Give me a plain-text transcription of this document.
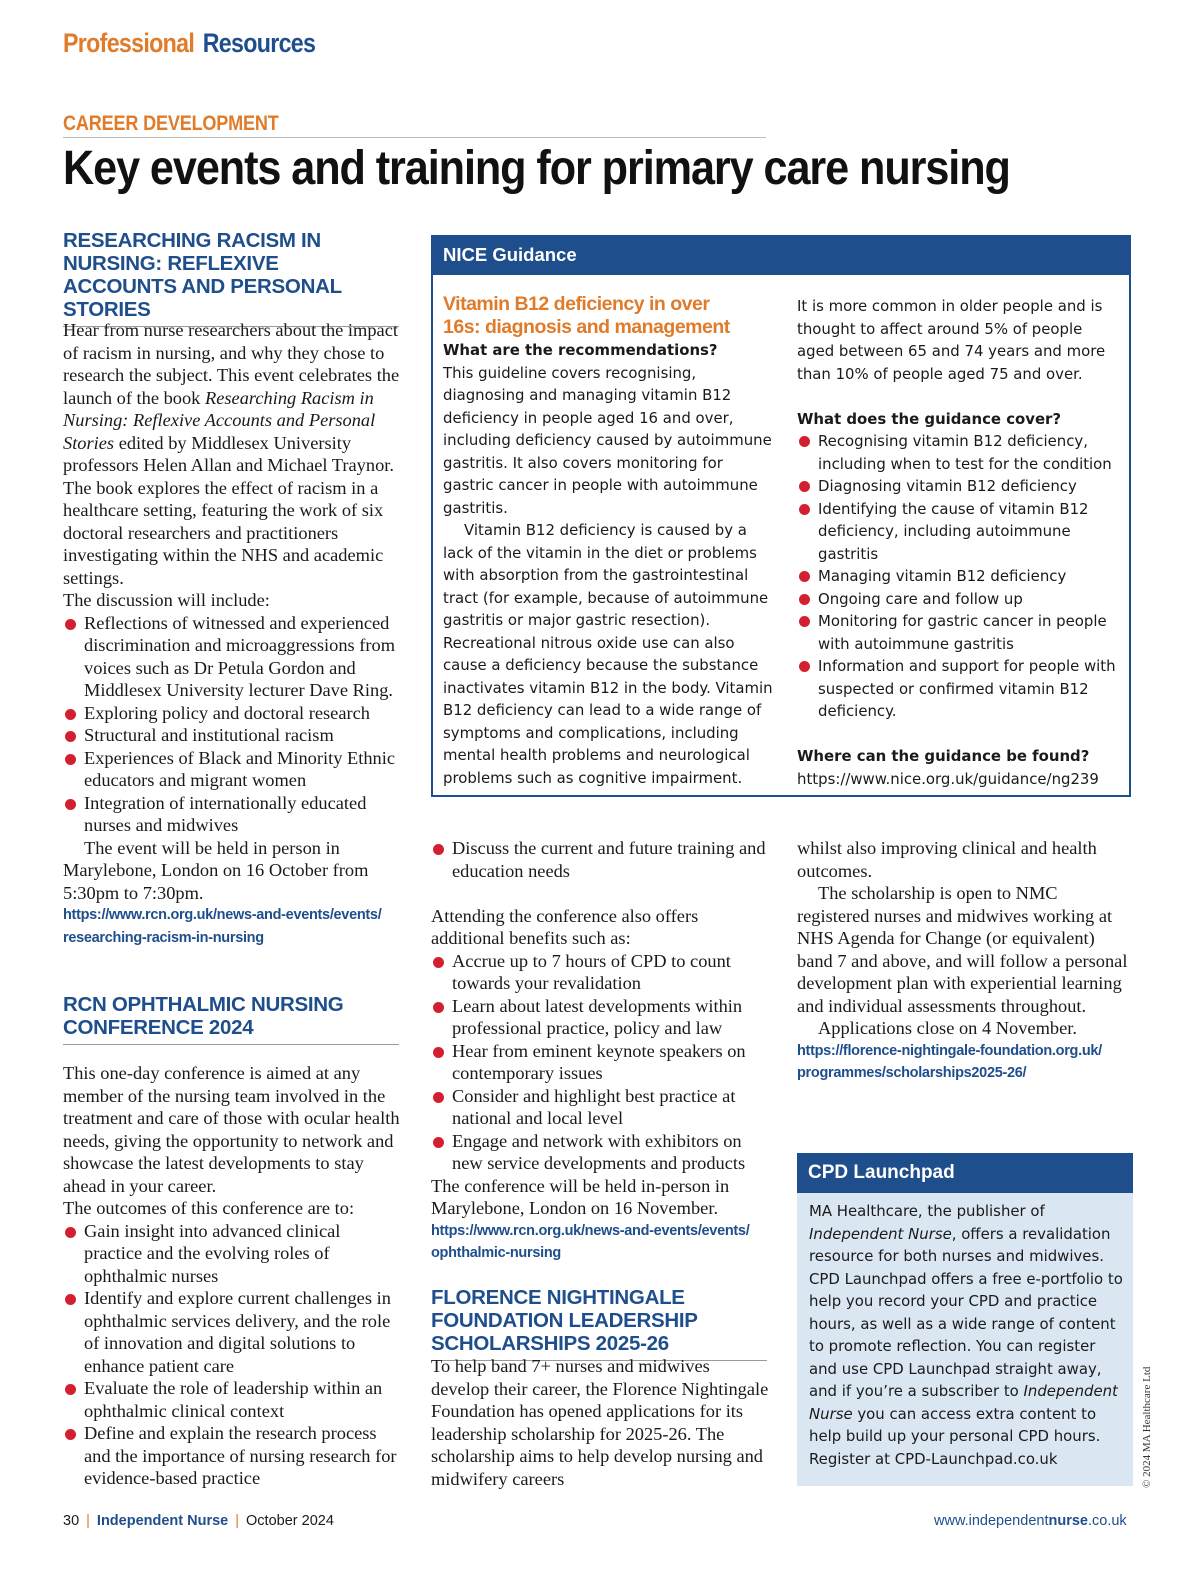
Professional Resources
CAREER DEVELOPMENT
Key events and training for primary care nursing
RESEARCHING RACISM IN NURSING: REFLEXIVE ACCOUNTS AND PERSONAL STORIES

Hear from nurse researchers about the impact of racism in nursing, and why they chose to research the subject. This event celebrates the launch of the book Researching Racism in Nursing: Reflexive Accounts and Personal Stories edited by Middlesex University professors Helen Allan and Michael Traynor. The book explores the effect of racism in a healthcare setting, featuring the work of six doctoral researchers and practitioners investigating within the NHS and academic settings.

The discussion will include:

Reflections of witnessed and experienced discrimination and microaggressions from voices such as Dr Petula Gordon and Middlesex University lecturer Dave Ring.
Exploring policy and doctoral research
Structural and institutional racism
Experiences of Black and Minority Ethnic educators and migrant women
Integration of internationally educated nurses and midwives

The event will be held in person in Marylebone, London on 16 October from 5:30pm to 7:30pm.

https://www.rcn.org.uk/news-and-events/events/
researching-racism-in-nursing
RCN OPHTHALMIC NURSING CONFERENCE 2024

This one-day conference is aimed at any member of the nursing team involved in the treatment and care of those with ocular health needs, giving the opportunity to network and showcase the latest developments to stay ahead in your career.

The outcomes of this conference are to:

Gain insight into advanced clinical practice and the evolving roles of ophthalmic nurses
Identify and explore current challenges in ophthalmic services delivery, and the role of innovation and digital solutions to enhance patient care
Evaluate the role of leadership within an ophthalmic clinical context
Define and explain the research process and the importance of nursing research for evidence-based practice
NICE Guidance
Vitamin B12 deficiency in over 16s: diagnosis and management

What are the recommendations?

This guideline covers recognising, diagnosing and managing vitamin B12 deficiency in people aged 16 and over, including deficiency caused by autoimmune gastritis. It also covers monitoring for gastric cancer in people with autoimmune gastritis.

Vitamin B12 deficiency is caused by a lack of the vitamin in the diet or problems with absorption from the gastrointestinal tract (for example, because of autoimmune gastritis or major gastric resection). Recreational nitrous oxide use can also cause a deficiency because the substance inactivates vitamin B12 in the body. Vitamin B12 deficiency can lead to a wide range of symptoms and complications, including mental health problems and neurological problems such as cognitive impairment.

It is more common in older people and is thought to affect around 5% of people aged between 65 and 74 years and more than 10% of people aged 75 and over.

What does the guidance cover?

Recognising vitamin B12 deficiency, including when to test for the condition
Diagnosing vitamin B12 deficiency
Identifying the cause of vitamin B12 deficiency, including autoimmune gastritis
Managing vitamin B12 deficiency
Ongoing care and follow up
Monitoring for gastric cancer in people with autoimmune gastritis
Information and support for people with suspected or confirmed vitamin B12 deficiency.

Where can the guidance be found?

https://www.nice.org.uk/guidance/ng239

Discuss the current and future training and education needs

Attending the conference also offers additional benefits such as:

Accrue up to 7 hours of CPD to count towards your revalidation
Learn about latest developments within professional practice, policy and law
Hear from eminent keynote speakers on contemporary issues
Consider and highlight best practice at national and local level
Engage and network with exhibitors on new service developments and products

The conference will be held in-person in Marylebone, London on 16 November.

https://www.rcn.org.uk/news-and-events/events/
ophthalmic-nursing
FLORENCE NIGHTINGALE FOUNDATION LEADERSHIP SCHOLARSHIPS 2025-26

To help band 7+ nurses and midwives develop their career, the Florence Nightingale Foundation has opened applications for its leadership scholarship for 2025-26. The scholarship aims to help develop nursing and midwifery careers

whilst also improving clinical and health outcomes.

The scholarship is open to NMC registered nurses and midwives working at NHS Agenda for Change (or equivalent) band 7 and above, and will follow a personal development plan with experiential learning and individual assessments throughout.

Applications close on 4 November.

https://florence-nightingale-foundation.org.uk/
programmes/scholarships2025-26/
CPD Launchpad

MA Healthcare, the publisher of Independent Nurse, offers a revalidation resource for both nurses and midwives. CPD Launchpad offers a free e-portfolio to help you record your CPD and practice hours, as well as a wide range of content to promote reflection. You can register and use CPD Launchpad straight away, and if you’re a subscriber to Independent Nurse you can access extra content to help build up your personal CPD hours. Register at CPD-Launchpad.co.uk	© 2024 MA Healthcare Ltd
30 | Independent Nurse | October 2024	www.independentnurse.co.uk
